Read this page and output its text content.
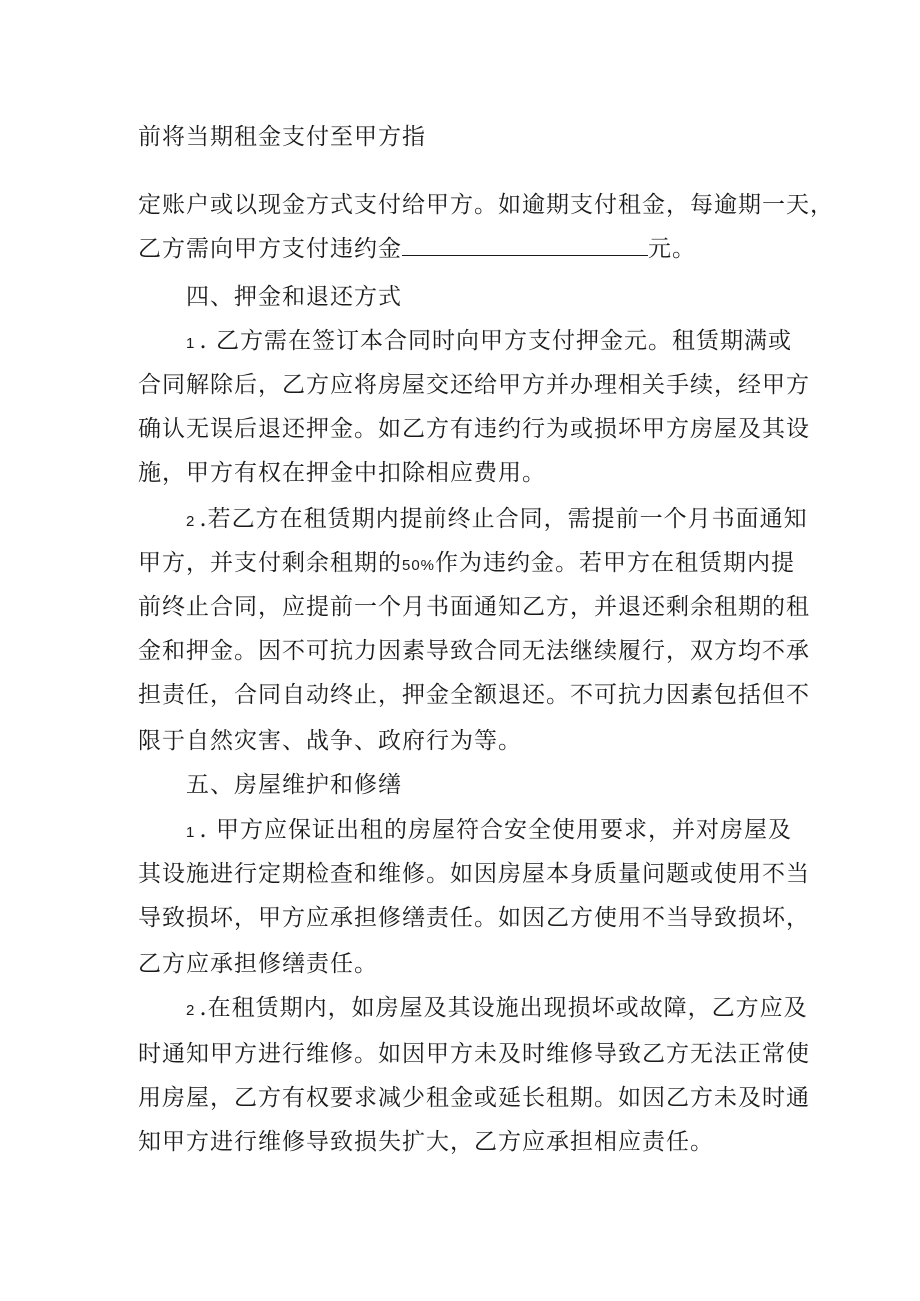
前将当期租金支付至甲方指
定账户或以现金方式支付给甲方。如逾期支付租金，每逾期一天，
乙方需向甲方支付违约金	元。
四、押金和退还方式
1 . 乙方需在签订本合同时向甲方支付押金元。租赁期满或
合同解除后，乙方应将房屋交还给甲方并办理相关手续，经甲方
确认无误后退还押金。如乙方有违约行为或损坏甲方房屋及其设
施，甲方有权在押金中扣除相应费用。
2 .若乙方在租赁期内提前终止合同，需提前一个月书面通知
甲方，并支付剩余租期的50%作为违约金。若甲方在租赁期内提
前终止合同，应提前一个月书面通知乙方，并退还剩余租期的租
金和押金。因不可抗力因素导致合同无法继续履行，双方均不承
担责任，合同自动终止，押金全额退还。不可抗力因素包括但不
限于自然灾害、战争、政府行为等。
五、房屋维护和修缮
1 . 甲方应保证出租的房屋符合安全使用要求，并对房屋及
其设施进行定期检查和维修。如因房屋本身质量问题或使用不当
导致损坏，甲方应承担修缮责任。如因乙方使用不当导致损坏，
乙方应承担修缮责任。
2 .在租赁期内，如房屋及其设施出现损坏或故障，乙方应及
时通知甲方进行维修。如因甲方未及时维修导致乙方无法正常使
用房屋，乙方有权要求减少租金或延长租期。如因乙方未及时通
知甲方进行维修导致损失扩大，乙方应承担相应责任。
